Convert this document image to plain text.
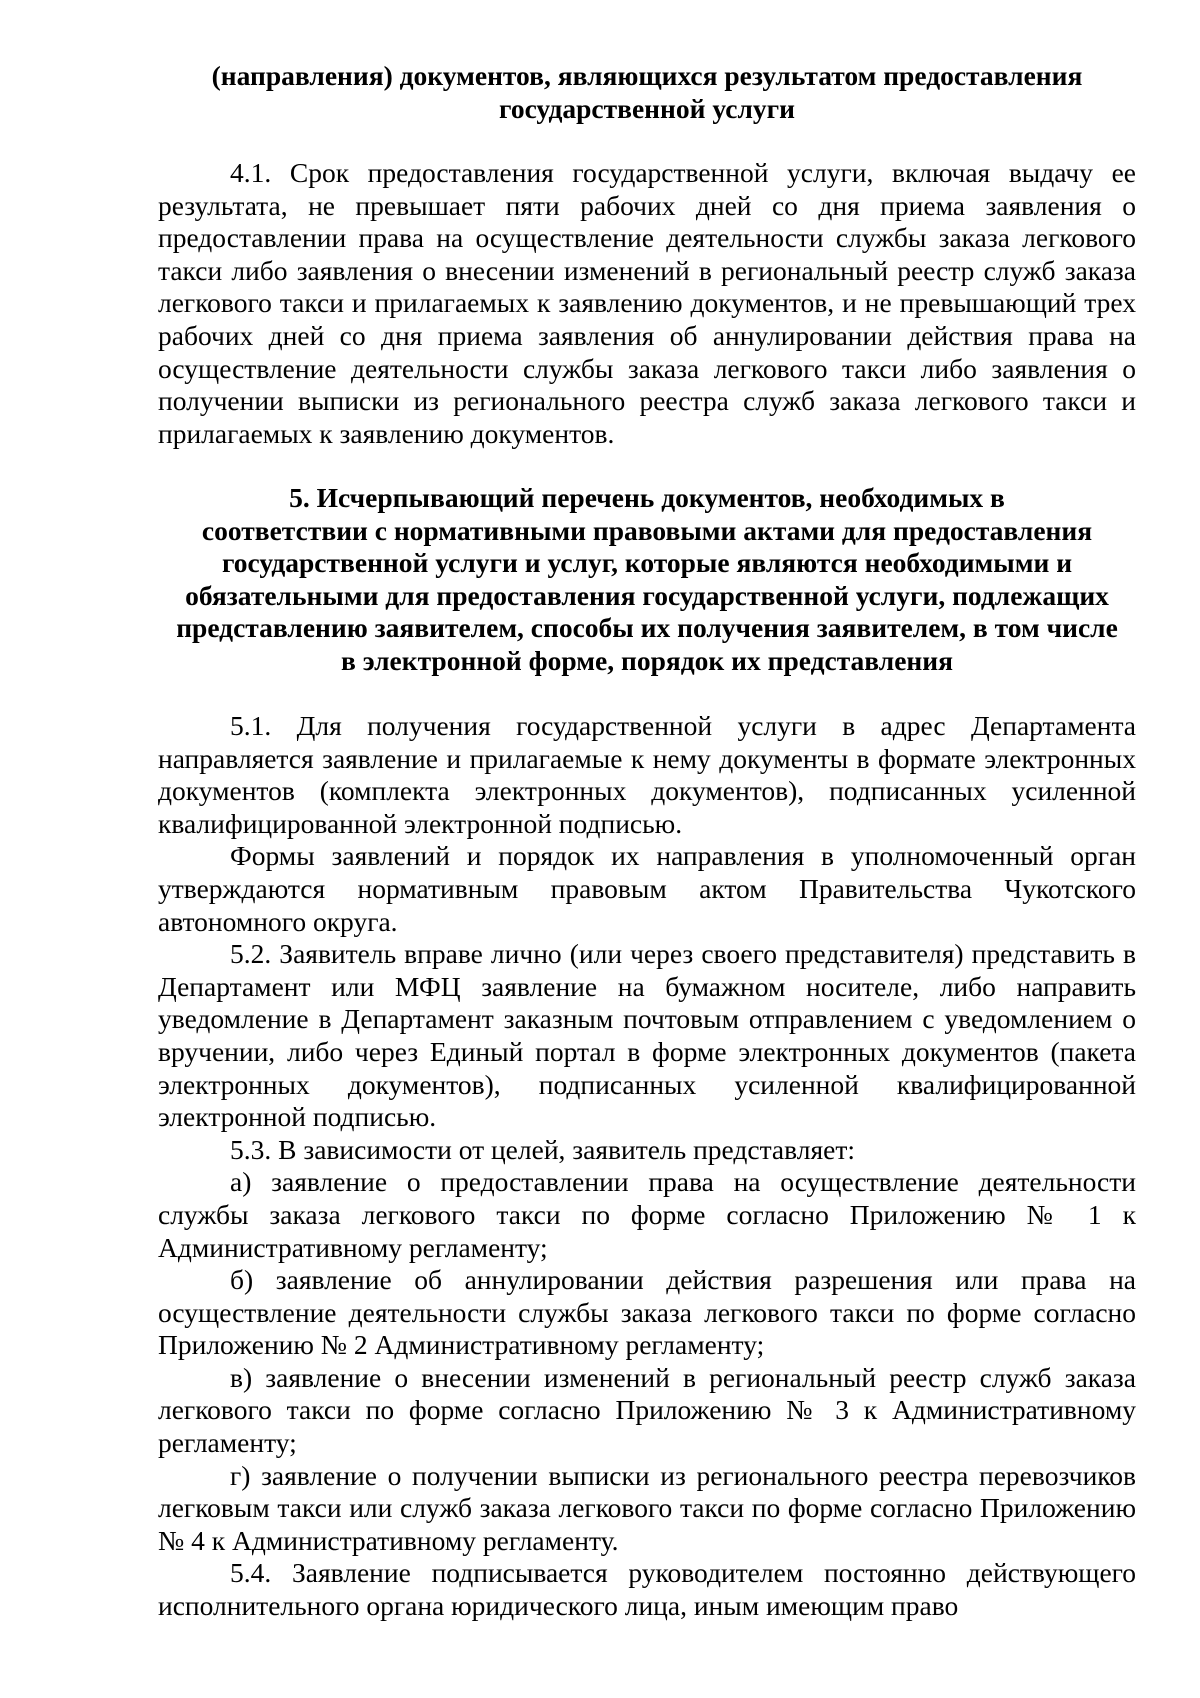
(направления) документов, являющихся результатом предоставления
государственной услуги

4.1. Срок предоставления государственной услуги, включая выдачу ее результата, не превышает пяти рабочих дней со дня приема заявления о предоставлении права на осуществление деятельности службы заказа легкового такси либо заявления о внесении изменений в региональный реестр служб заказа легкового такси и прилагаемых к заявлению документов, и не превышающий трех рабочих дней со дня приема заявления об аннулировании действия права на осуществление деятельности службы заказа легкового такси либо заявления о получении выписки из регионального реестра служб заказа легкового такси и прилагаемых к заявлению документов.

5. Исчерпывающий перечень документов, необходимых в
соответствии с нормативными правовыми актами для предоставления
государственной услуги и услуг, которые являются необходимыми и
обязательными для предоставления государственной услуги, подлежащих
представлению заявителем, способы их получения заявителем, в том числе
в электронной форме, порядок их представления

5.1. Для получения государственной услуги в адрес Департамента направляется заявление и прилагаемые к нему документы в формате электронных документов (комплекта электронных документов), подписанных усиленной квалифицированной электронной подписью.

Формы заявлений и порядок их направления в уполномоченный орган утверждаются нормативным правовым актом Правительства Чукотского автономного округа.

5.2. Заявитель вправе лично (или через своего представителя) представить в Департамент или МФЦ заявление на бумажном носителе, либо направить уведомление в Департамент заказным почтовым отправлением с уведомлением о вручении, либо через Единый портал в форме электронных документов (пакета электронных документов), подписанных усиленной квалифицированной электронной подписью.

5.3. В зависимости от целей, заявитель представляет:

а) заявление о предоставлении права на осуществление деятельности службы заказа легкового такси по форме согласно Приложению № 1 к Административному регламенту;

б) заявление об аннулировании действия разрешения или права на осуществление деятельности службы заказа легкового такси по форме согласно Приложению № 2 Административному регламенту;

в) заявление о внесении изменений в региональный реестр служб заказа легкового такси по форме согласно Приложению № 3 к Административному регламенту;

г) заявление о получении выписки из регионального реестра перевозчиков легковым такси или служб заказа легкового такси по форме согласно Приложению № 4 к Административному регламенту.

5.4. Заявление подписывается руководителем постоянно действующего исполнительного органа юридического лица, иным имеющим право
